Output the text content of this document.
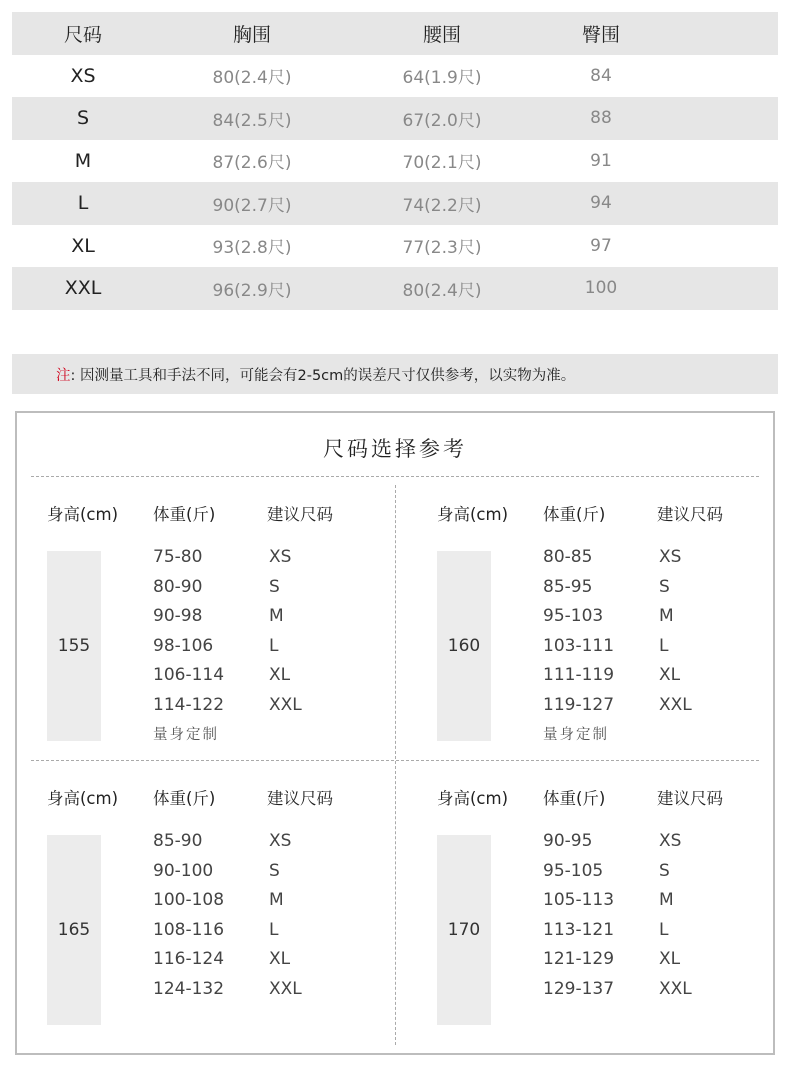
尺码	胸围	腰围	臀围
XS	80(2.4尺)	64(1.9尺)	84
S	84(2.5尺)	67(2.0尺)	88
M	87(2.6尺)	70(2.1尺)	91
L	90(2.7尺)	74(2.2尺)	94
XL	93(2.8尺)	77(2.3尺)	97
XXL	96(2.9尺)	80(2.4尺)	100
注 : 因测量工具和手法不同，可能会有2-5cm的误差尺寸仅供参考，以实物为准。
尺码选择参考
身高(cm) 体重(斤)	建议尺码
155
75-80	XS
80-90	S
90-98	M
98-106	L
106-114	XL
114-122	XXL
量身定制
身高(cm) 体重(斤)	建议尺码
160
80-85	XS
85-95	S
95-103	M
103-111	L
111-119	XL
119-127	XXL
量身定制
身高(cm) 体重(斤)	建议尺码
165
85-90	XS
90-100	S
100-108	M
108-116	L
116-124	XL
124-132	XXL
身高(cm) 体重(斤)	建议尺码
170
90-95	XS
95-105	S
105-113	M
113-121	L
121-129	XL
129-137	XXL
